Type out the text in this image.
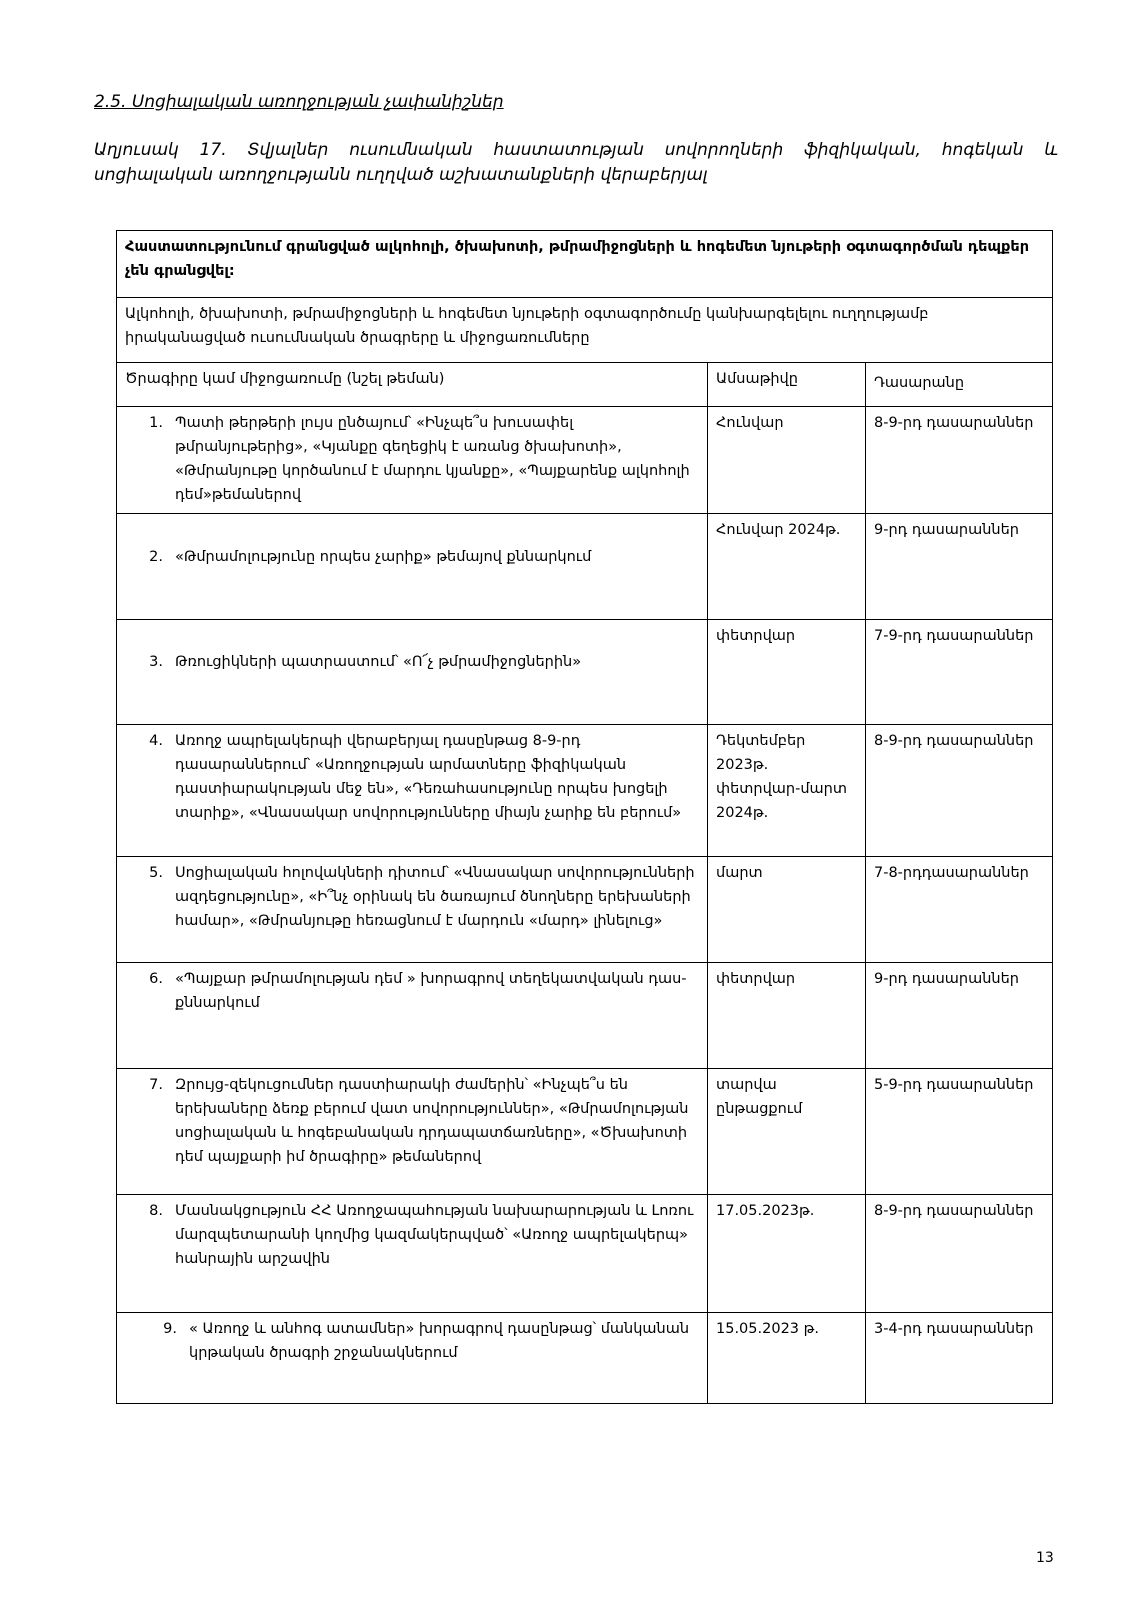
2.5. Սոցիալական առողջության չափանիշներ
Աղյուսակ 17. Տվյալներ ուսումնական հաստատության սովորողների ֆիզիկական, հոգեկան և սոցիալական առողջությանն ուղղված աշխատանքների վերաբերյալ
Հաստատությունում գրանցված ալկոհոլի, ծխախոտի, թմրամիջոցների և հոգեմետ նյութերի օգտագործման դեպքեր չեն գրանցվել:		
Ալկոհոլի, ծխախոտի, թմրամիջոցների և հոգեմետ նյութերի օգտագործումը կանխարգելելու ուղղությամբ իրականացված ուսումնական ծրագրերը և միջոցառումները		
Ծրագիրը կամ միջոցառումը (նշել թեման)	Ամսաթիվը	Դասարանը

1. Պատի թերթերի լույս ընծայում՝ «Ինչպե՞ս խուսափել թմրանյութերից», «Կյանքը գեղեցիկ է առանց ծխախոտի», «Թմրանյութը կործանում է մարդու կյանքը», «Պայքարենք ալկոհոլի դեմ»թեմաներով	Հունվար	8-9-րդ դասարաններ

2. «Թմրամոլությունը որպես չարիք» թեմայով քննարկում	Հունվար 2024թ.	9-րդ դասարաններ

3. Թռուցիկների պատրաստում՝ «Ո՜չ թմրամիջոցներին»	փետրվար	7-9-րդ դասարաններ

4. Առողջ ապրելակերպի վերաբերյալ դասընթաց 8-9-րդ դասարաններում՝ «Առողջության արմատները ֆիզիկական դաստիարակության մեջ են», «Դեռահասությունը որպես խոցելի տարիք», «Վնասակար սովորությունները միայն չարիք են բերում»	Դեկտեմբեր 2023թ. փետրվար-մարտ 2024թ.	8-9-րդ դասարաններ

5. Սոցիալական հոլովակների դիտում՝ «Վնասակար սովորությունների ազդեցությունը», «Ի՞նչ օրինակ են ծառայում ծնողները երեխաների համար», «Թմրանյութը հեռացնում է մարդուն «մարդ» լինելուց»	մարտ	7-8-րդդասարաններ

6. «Պայքար թմրամոլության դեմ » խորագրով տեղեկատվական դաս- քննարկում	փետրվար	9-րդ դասարաններ

7. Զրույց-զեկուցումներ դաստիարակի ժամերին՝ «Ինչպե՞ս են երեխաները ձեռք բերում վատ սովորություններ», «Թմրամոլության սոցիալական և հոգեբանական դրդապատճառները», «Ծխախոտի դեմ պայքարի իմ ծրագիրը» թեմաներով	տարվա ընթացքում	5-9-րդ դասարաններ

8. Մասնակցություն ՀՀ Առողջապահության նախարարության և Լոռու մարզպետարանի կողմից կազմակերպված՝ «Առողջ ապրելակերպ» հանրային արշավին	17.05.2023թ.	8-9-րդ դասարաններ

9. « Առողջ և անհոգ ատամներ» խորագրով դասընթաց՝ մանկանան կրթական ծրագրի շրջանակներում	15.05.2023 թ.	3-4-րդ դասարաններ
13
